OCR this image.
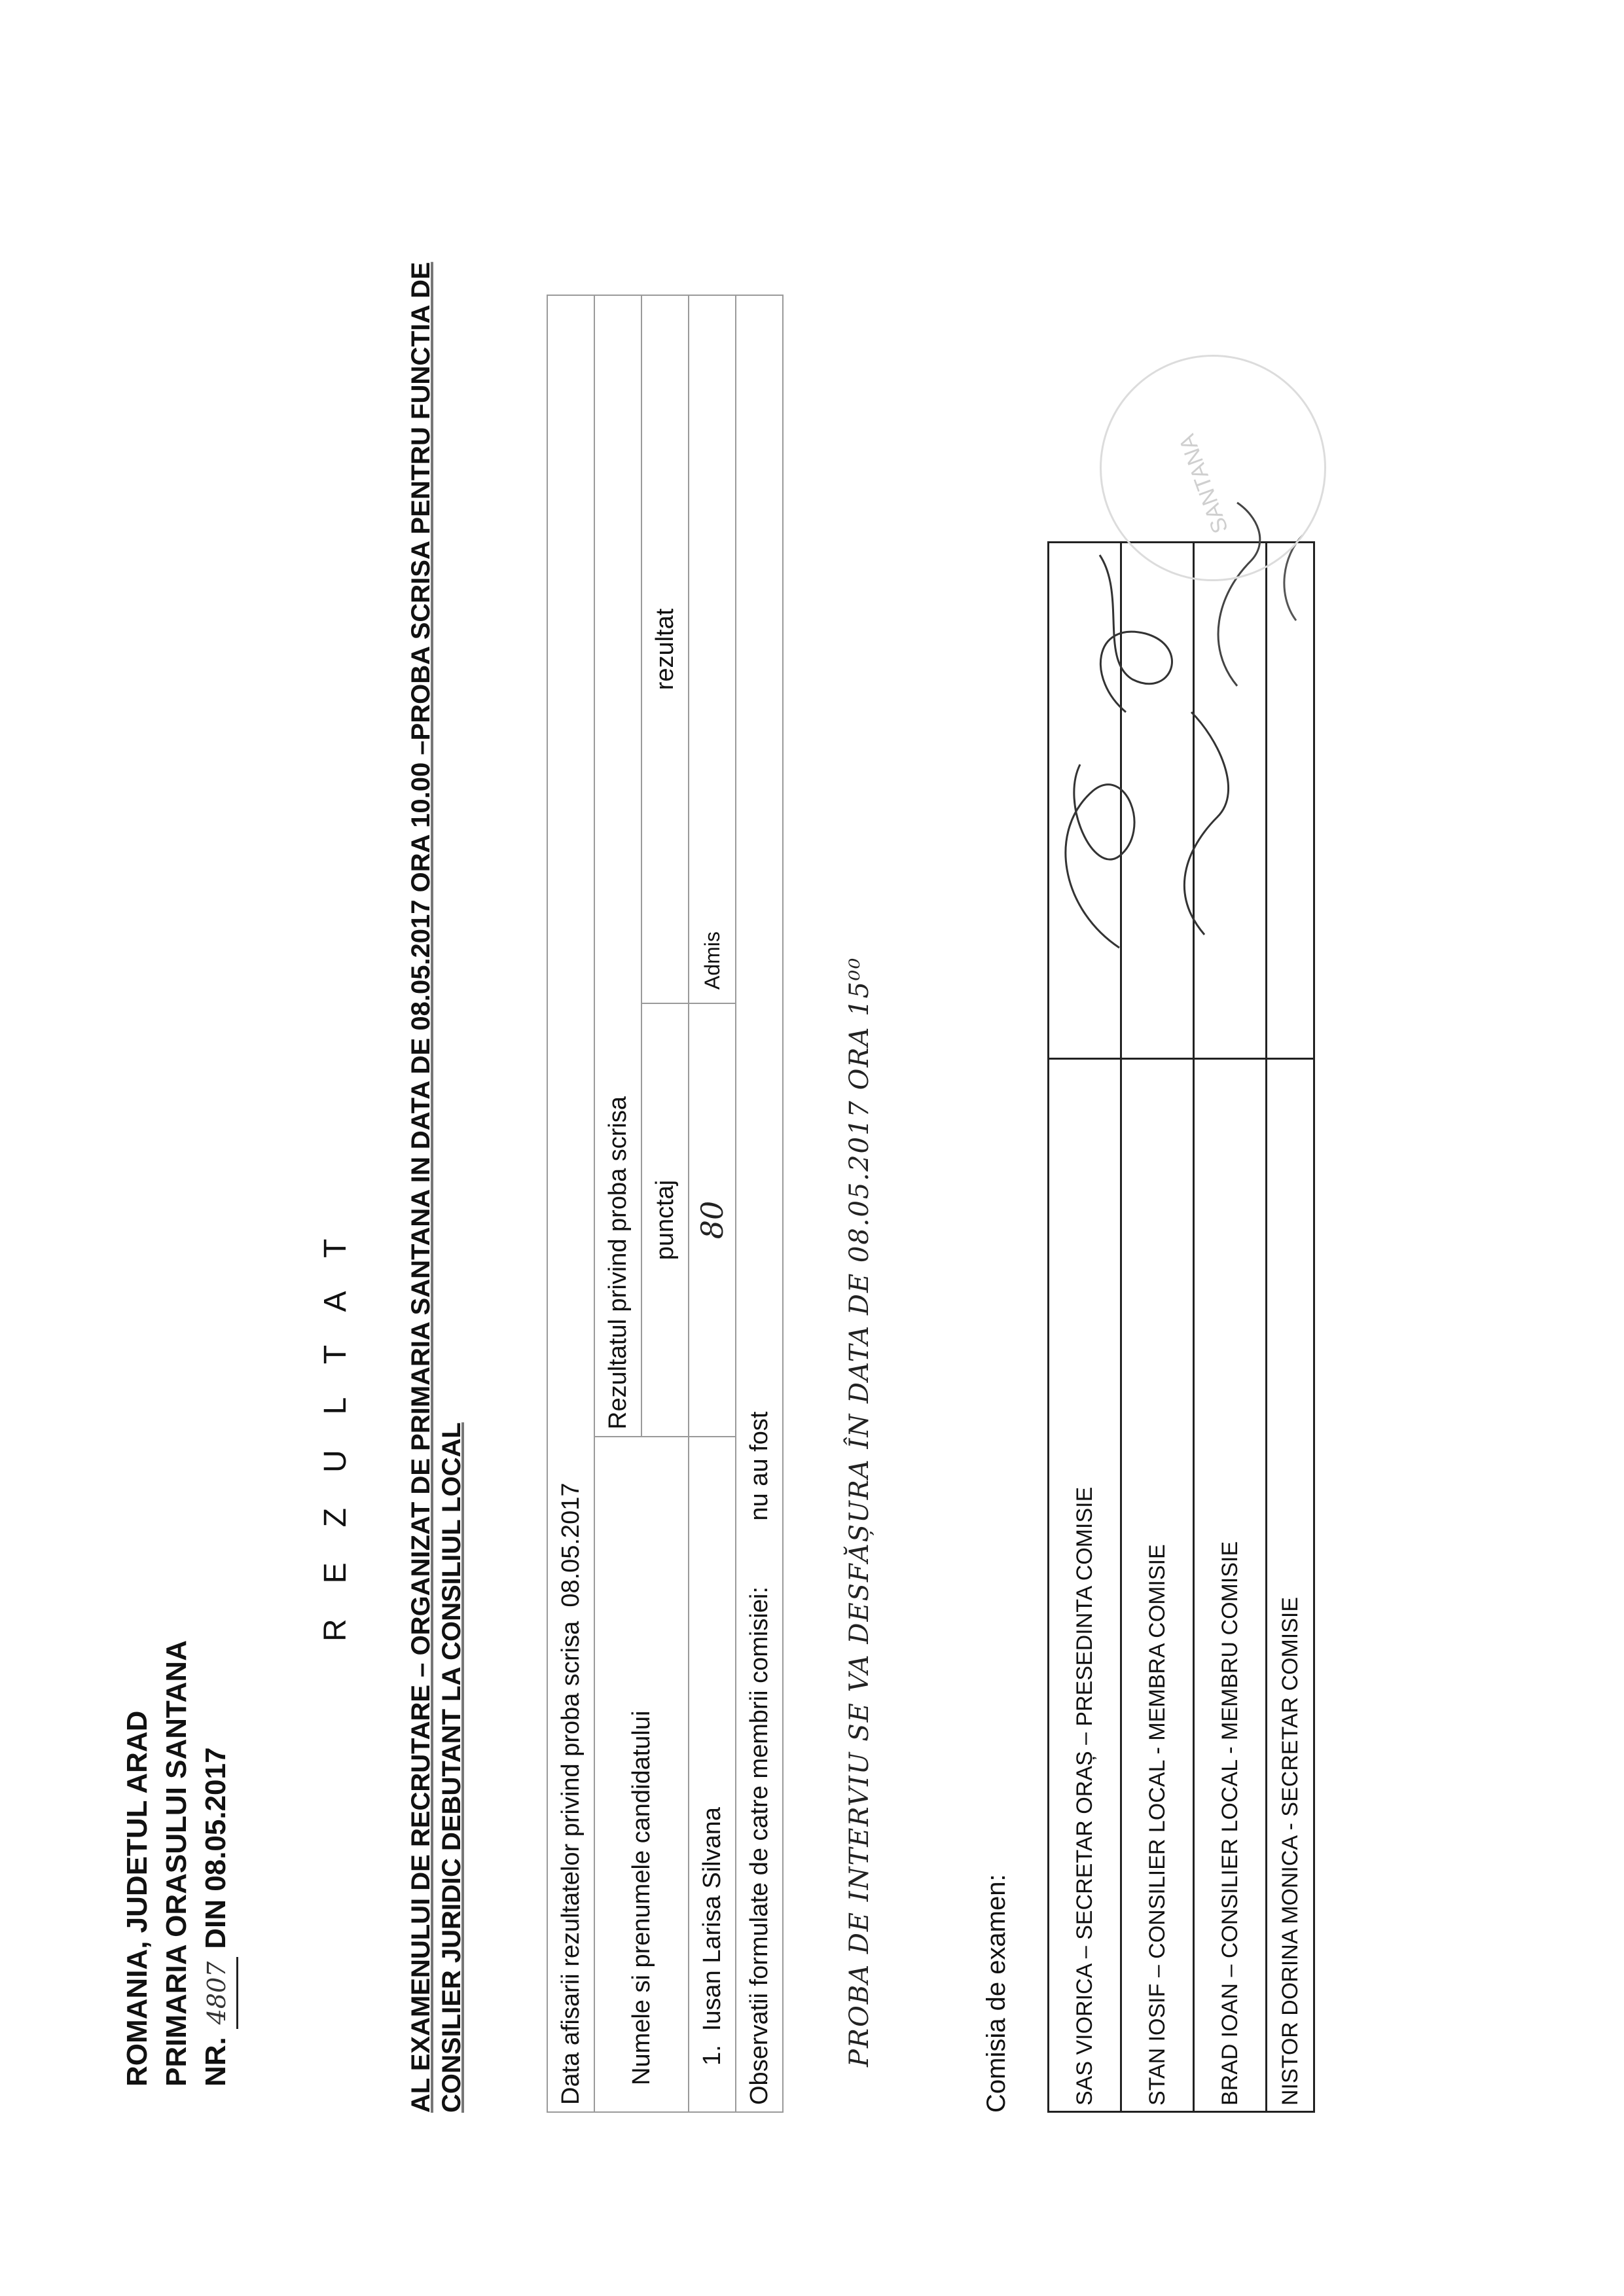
ROMANIA, JUDETUL ARAD PRIMARIA ORASULUI SANTANA NR. 4807 DIN 08.05.2017
REZULTAT AL EXAMENULUI DE RECRUTARE – ORGANIZAT DE PRIMARIA SANTANA IN DATA DE 08.05.2017 ORA 10.00 –PROBA SCRISA PENTRU FUNCTIA DE CONSILIER JURIDIC DEBUTANT LA CONSILIUL LOCAL	Data afisarii rezultatelor privind proba scrisa  08.05.2017		
Numele si prenumele candidatului	Rezultatul privind proba scrisa	
	punctaj	rezultat
1.  Iusan Larisa Silvana	80	Admis
Observatii formulate de catre membrii comisiei: nu au fost			PROBA DE INTERVIU SE VA DESFĂȘURA ÎN DATA DE 08.05.2017 ORA 15⁰⁰	Comisia de examen:	SAS VIORICA – SECRETAR ORAȘ – PRESEDINTA COMISIE	
STAN IOSIF – CONSILIER LOCAL - MEMBRA COMISIE	
BRAD IOAN – CONSILIER LOCAL - MEMBRU COMISIE	
NISTOR DORINA MONICA - SECRETAR COMISIE	
SANTANA
